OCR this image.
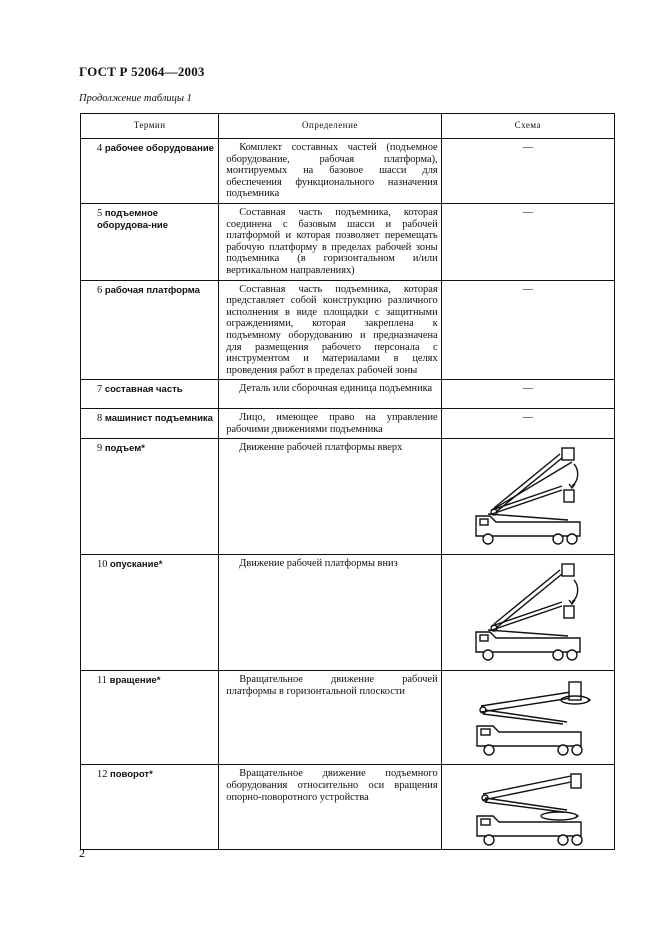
ГОСТ Р 52064—2003
Продолжение таблицы 1
Термин	Определение	Схема
4 рабочее оборудование	Комплект составных частей (подъемное оборудование, рабочая платформа), монтируемых на базовое шасси для обеспечения функционального назначения подъемника	—
5 подъемное оборудова-ние	Составная часть подъемника, которая соединена с базовым шасси и рабочей платформой и которая позволяет перемещать рабочую платформу в пределах рабочей зоны подъемника (в горизонтальном и/или вертикальном направлениях)	—
6 рабочая платформа	Составная часть подъемника, которая представляет собой конструкцию различного исполнения в виде площадки с защитными ограждениями, которая закреплена к подъемному оборудованию и предназначена для размещения рабочего персонала с инструментом и материалами в целях проведения работ в пределах рабочей зоны	—
7 составная часть	Деталь или сборочная единица подъемника	—
8 машинист подъемника	Лицо, имеющее право на управление рабочими движениями подъемника	—
9 подъем*	Движение рабочей платформы вверх	

10 опускание*	Движение рабочей платформы вниз	

11 вращение*	Вращательное движение рабочей платформы в горизонтальной плоскости	

12 поворот*	Вращательное движение подъемного оборудования относительно оси вращения опорно-поворотного устройства	
2
